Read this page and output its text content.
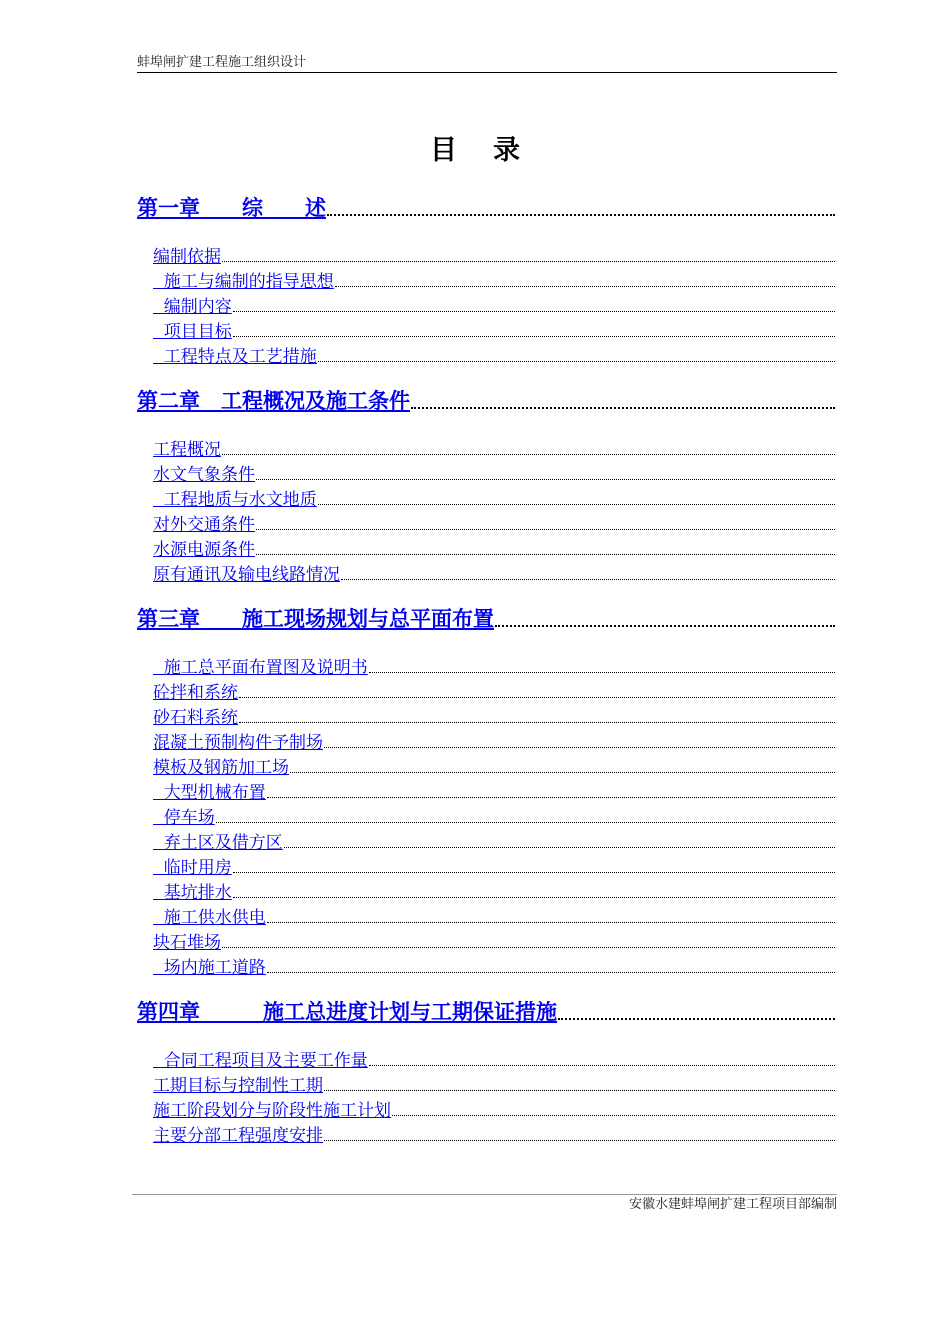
蚌埠闸扩建工程施工组织设计
目录
第一章　　综　　述
编制依据
施工与编制的指导思想
编制内容
项目目标
工程特点及工艺措施
第二章　工程概况及施工条件
工程概况
水文气象条件
工程地质与水文地质
对外交通条件
水源电源条件
原有通讯及输电线路情况
第三章　　施工现场规划与总平面布置
施工总平面布置图及说明书
砼拌和系统
砂石料系统
混凝土预制构件予制场
模板及钢筋加工场
大型机械布置
停车场
弃土区及借方区
临时用房
基坑排水
施工供水供电
块石堆场
场内施工道路
第四章　　　施工总进度计划与工期保证措施
合同工程项目及主要工作量
工期目标与控制性工期
施工阶段划分与阶段性施工计划
主要分部工程强度安排
安徽水建蚌埠闸扩建工程项目部编制
